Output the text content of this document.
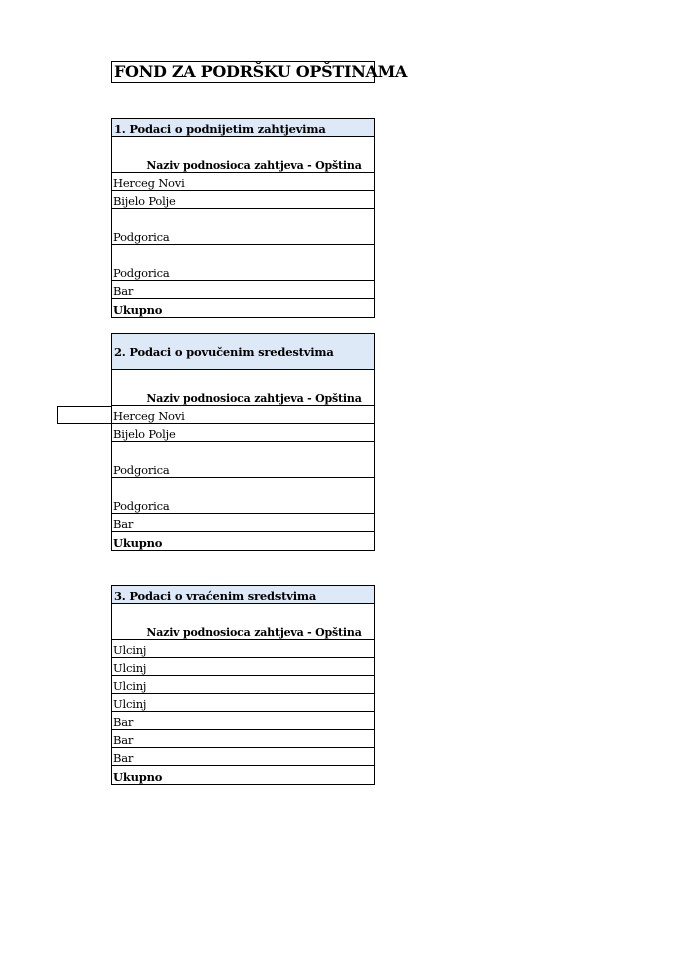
FOND ZA PODRŠKU OPŠTINAMA
1. Podaci o podnijetim zahtjevima
Naziv podnosioca zahtjeva - Opština
Herceg Novi
Bijelo Polje
Podgorica
Podgorica
Bar
Ukupno
2. Podaci o povučenim sredestvima
Naziv podnosioca zahtjeva - Opština
Herceg Novi
Bijelo Polje
Podgorica
Podgorica
Bar
Ukupno
3. Podaci o vraćenim sredstvima
Naziv podnosioca zahtjeva - Opština
Ulcinj
Ulcinj
Ulcinj
Ulcinj
Bar
Bar
Bar
Ukupno
